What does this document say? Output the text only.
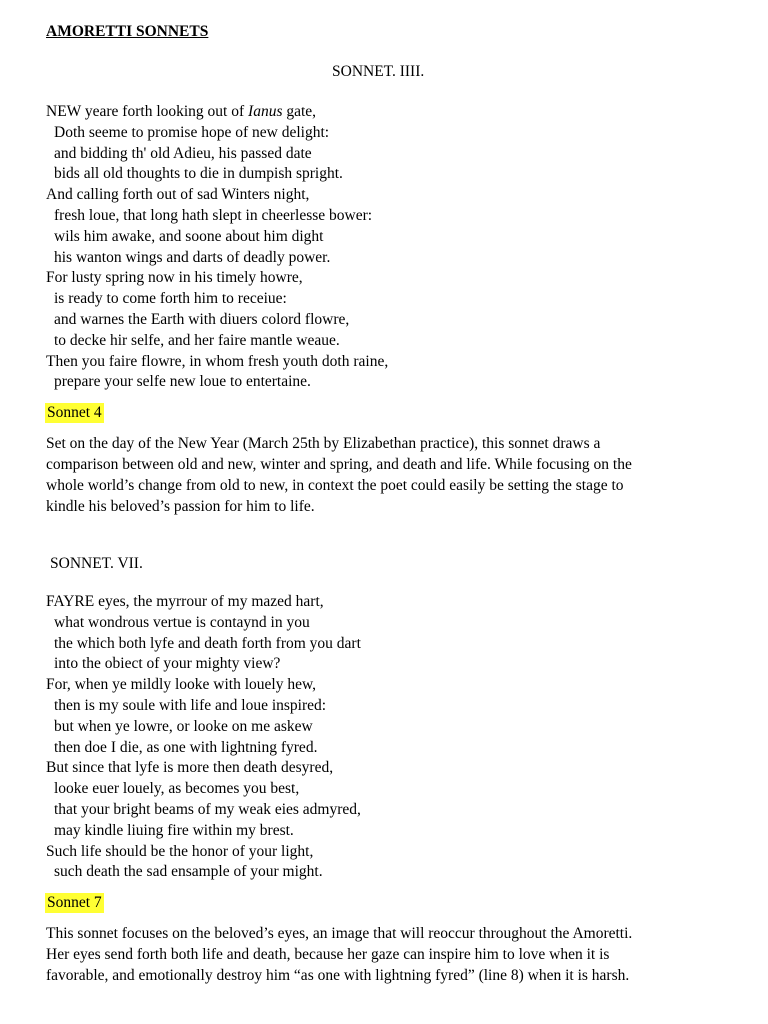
AMORETTI SONNETS
SONNET. IIII.
NEW yeare forth looking out of Ianus gate,
Doth seeme to promise hope of new delight:
and bidding th' old Adieu, his passed date
bids all old thoughts to die in dumpish spright.
And calling forth out of sad Winters night,
fresh loue, that long hath slept in cheerlesse bower:
wils him awake, and soone about him dight
his wanton wings and darts of deadly power.
For lusty spring now in his timely howre,
is ready to come forth him to receiue:
and warnes the Earth with diuers colord flowre,
to decke hir selfe, and her faire mantle weaue.
Then you faire flowre, in whom fresh youth doth raine,
prepare your selfe new loue to entertaine.
Sonnet 4
Set on the day of the New Year (March 25th by Elizabethan practice), this sonnet draws a
comparison between old and new, winter and spring, and death and life. While focusing on the
whole world’s change from old to new, in context the poet could easily be setting the stage to
kindle his beloved’s passion for him to life.
SONNET. VII.
FAYRE eyes, the myrrour of my mazed hart,
what wondrous vertue is contaynd in you
the which both lyfe and death forth from you dart
into the obiect of your mighty view?
For, when ye mildly looke with louely hew,
then is my soule with life and loue inspired:
but when ye lowre, or looke on me askew
then doe I die, as one with lightning fyred.
But since that lyfe is more then death desyred,
looke euer louely, as becomes you best,
that your bright beams of my weak eies admyred,
may kindle liuing fire within my brest.
Such life should be the honor of your light,
such death the sad ensample of your might.
Sonnet 7
This sonnet focuses on the beloved’s eyes, an image that will reoccur throughout the Amoretti.
Her eyes send forth both life and death, because her gaze can inspire him to love when it is
favorable, and emotionally destroy him “as one with lightning fyred” (line 8) when it is harsh.
